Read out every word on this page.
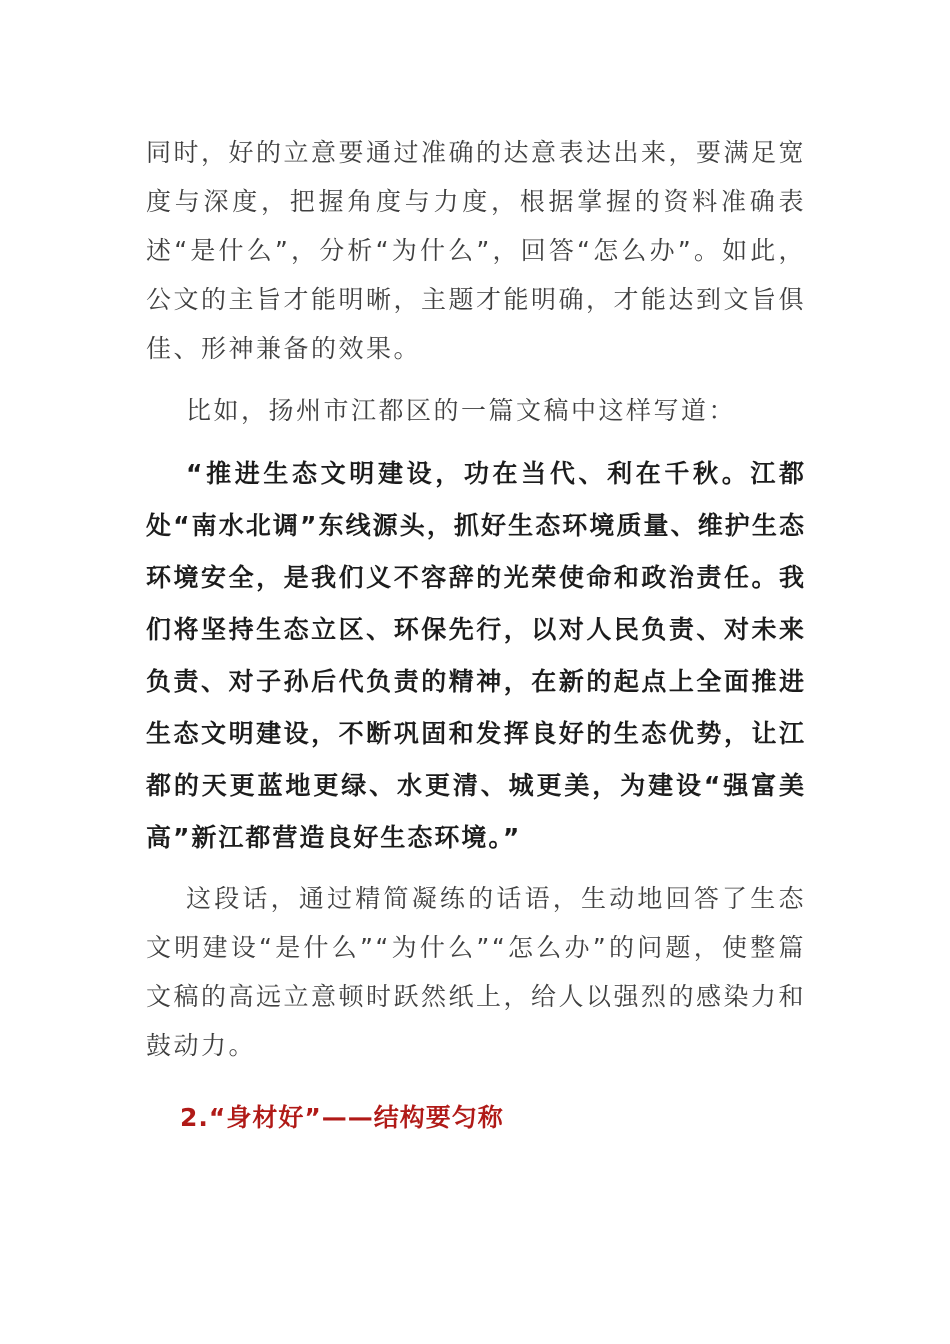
同时，好的立意要通过准确的达意表达出来，要满足宽度与深度，把握角度与力度，根据掌握的资料准确表述“是什么”，分析“为什么”，回答“怎么办”。如此，公文的主旨才能明晰，主题才能明确，才能达到文旨俱佳、形神兼备的效果。

比如，扬州市江都区的一篇文稿中这样写道：

“推进生态文明建设，功在当代、利在千秋。江都处“南水北调”东线源头，抓好生态环境质量、维护生态环境安全，是我们义不容辞的光荣使命和政治责任。我们将坚持生态立区、环保先行，以对人民负责、对未来负责、对子孙后代负责的精神，在新的起点上全面推进生态文明建设，不断巩固和发挥良好的生态优势，让江都的天更蓝地更绿、水更清、城更美，为建设“强富美高”新江都营造良好生态环境。”

这段话，通过精简凝练的话语，生动地回答了生态文明建设“是什么”“为什么”“怎么办”的问题，使整篇文稿的高远立意顿时跃然纸上，给人以强烈的感染力和鼓动力。

2.“身材好”——结构要匀称
